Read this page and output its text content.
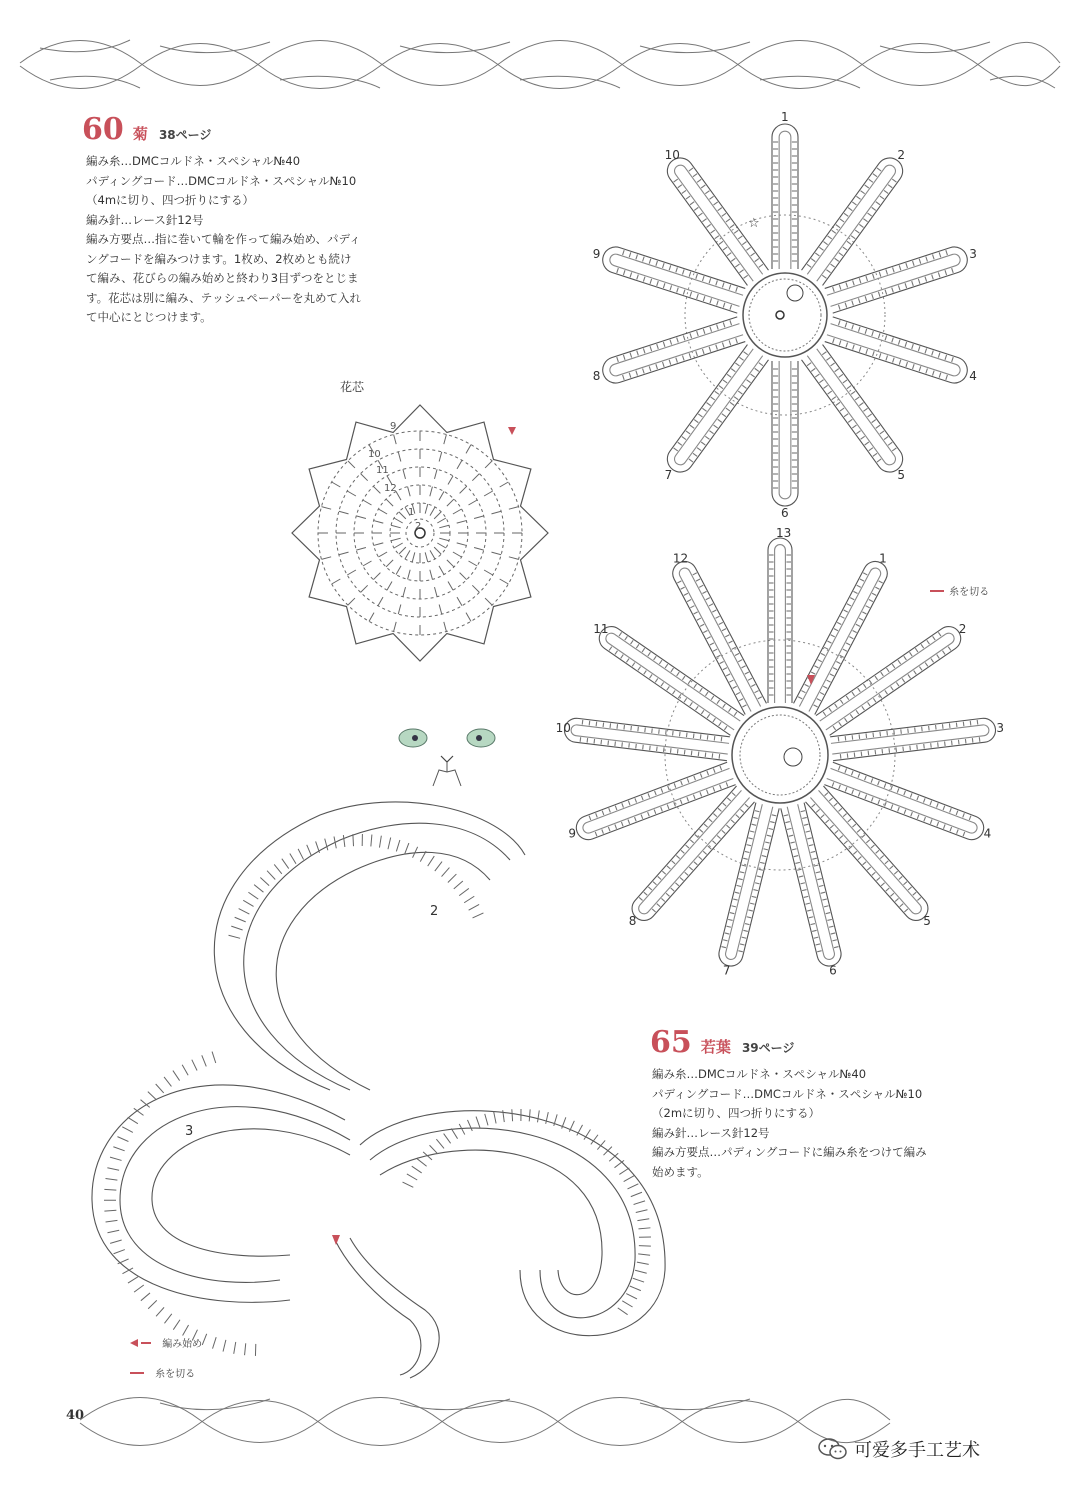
60 菊 38ページ

編み糸…DMCコルドネ・スペシャル№40

パディングコード…DMCコルドネ・スペシャル№10

（4mに切り、四つ折りにする）

編み針…レース針12号

編み方要点…指に巻いて輪を作って編み始め、パディ

ングコードを編みつけます。1枚め、2枚めとも続け

て編み、花びらの編み始めと終わり3目ずつをとじま

す。花芯は別に編み、テッシュペーパーを丸めて入れ

て中心にとじつけます。

花芯
9
10
11
12
1
2
☆
1
2
3
4
5
6
7
8
9
10
13
1
2
3
4
5
6
7
8
9
10
11
12
糸を切る
2
3
65 若葉 39ページ

編み糸…DMCコルドネ・スペシャル№40

パディングコード…DMCコルドネ・スペシャル№10

（2mに切り、四つ折りにする）

編み針…レース針12号

編み方要点…パディングコードに編み糸をつけて編み

始めます。

編み始め
糸を切る
40
可爱多手工艺术
